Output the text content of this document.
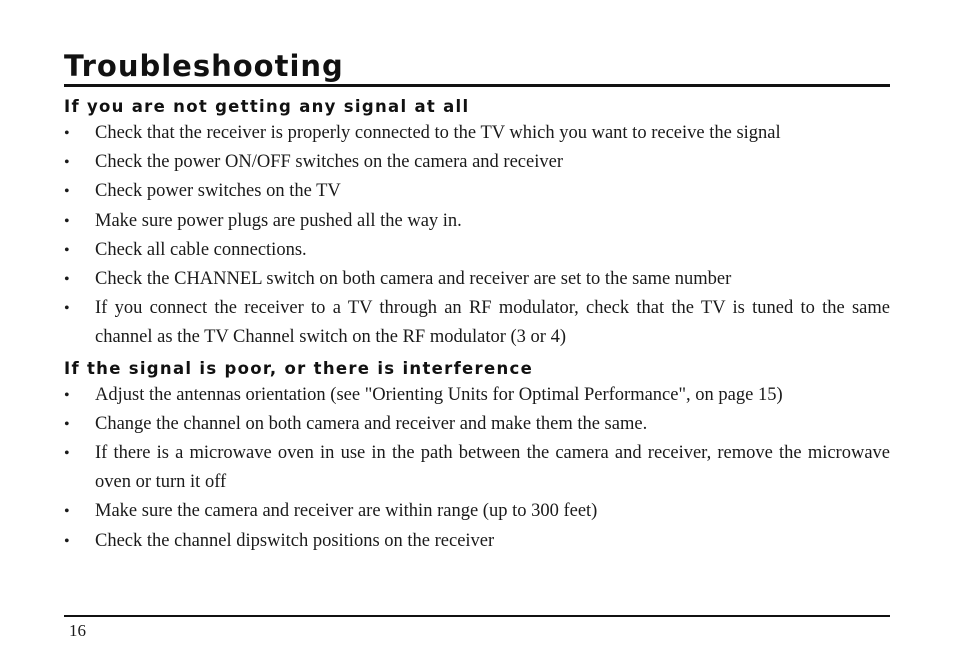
Troubleshooting
If you are not getting any signal at all
• Check that the receiver is properly connected to the TV which you want to receive the signal
• Check the power ON/OFF switches on the camera and receiver
• Check power switches on the TV
• Make sure power plugs are pushed all the way in.
• Check all cable connections.
• Check the CHANNEL switch on both camera and receiver are set to the same number
• If you connect the receiver to a TV through an RF modulator, check that the TV is tuned to the same channel as the TV Channel switch on the RF modulator (3 or 4)
If the signal is poor, or there is interference
• Adjust the antennas orientation (see "Orienting Units for Optimal Performance", on page 15)
• Change the channel on both camera and receiver and make them the same.
• If there is a microwave oven in use in the path between the camera and receiver, remove the microwave oven or turn it off
• Make sure the camera and receiver are within range (up to 300 feet)
• Check the channel dipswitch positions on the receiver
16
